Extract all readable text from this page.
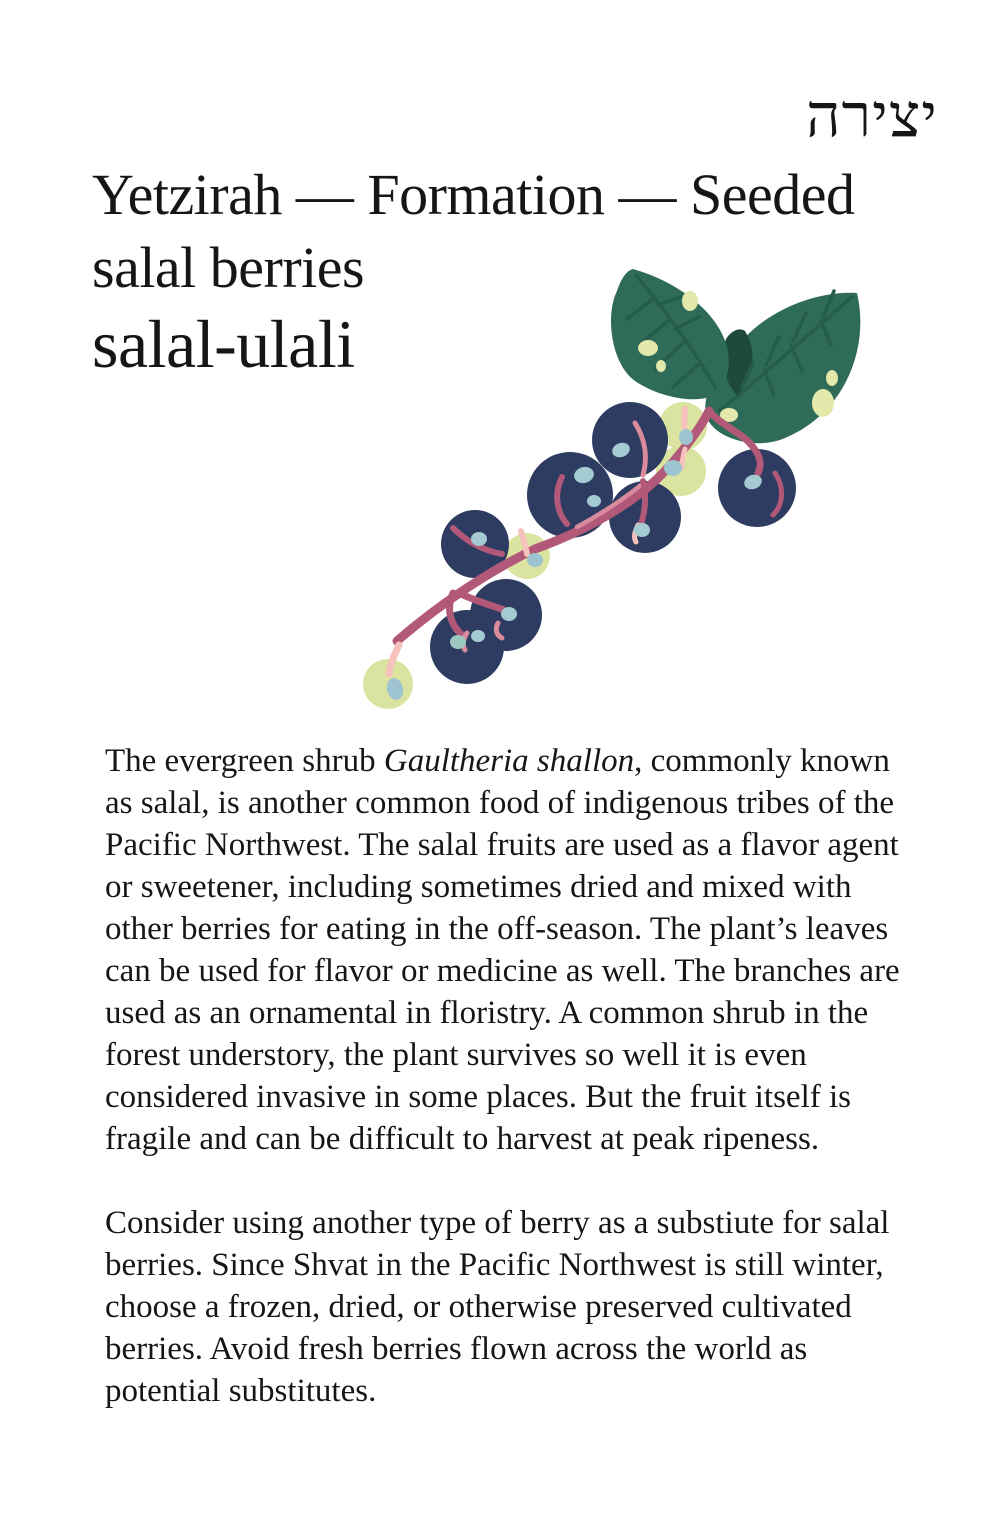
יצירה
Yetzirah — Formation — Seeded salal berries
salal-ulali

The evergreen shrub Gaultheria shallon, commonly known as salal, is another common food of indigenous tribes of the Pacific Northwest. The salal fruits are used as a flavor agent or sweetener, including sometimes dried and mixed with other berries for eating in the off-season. The plant’s leaves can be used for flavor or medicine as well. The branches are used as an ornamental in floristry. A common shrub in the forest understory, the plant survives so well it is even considered invasive in some places. But the fruit itself is fragile and can be difficult to harvest at peak ripeness.

Consider using another type of berry as a substiute for salal berries. Since Shvat in the Pacific Northwest is still winter, choose a frozen, dried, or otherwise preserved cultivated berries. Avoid fresh berries flown across the world as potential substitutes.
